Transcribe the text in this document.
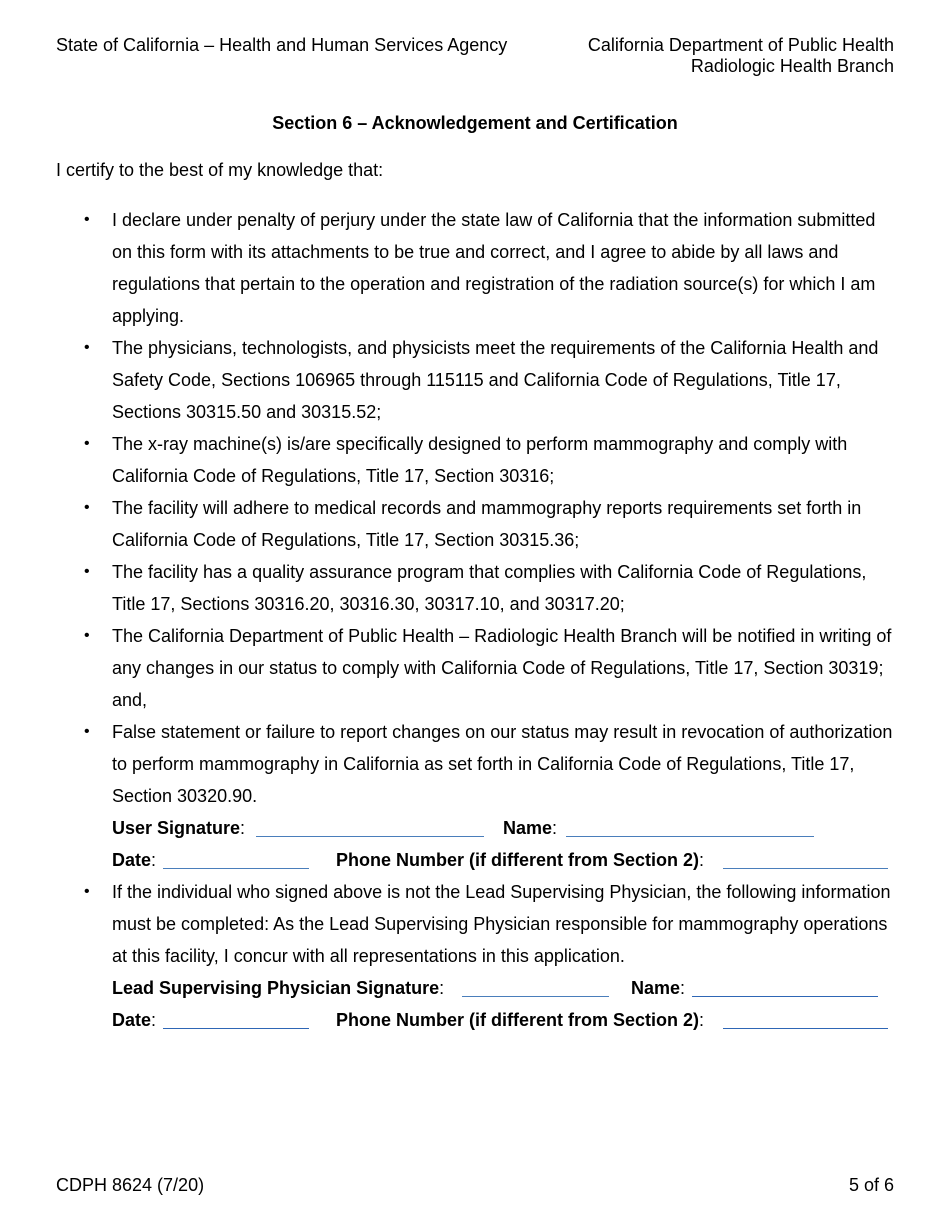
State of California – Health and Human Services Agency	California Department of Public Health
Radiologic Health Branch
Section 6 – Acknowledgement and Certification
I certify to the best of my knowledge that:
• I declare under penalty of perjury under the state law of California that the information submitted on this form with its attachments to be true and correct, and I agree to abide by all laws and regulations that pertain to the operation and registration of the radiation source(s) for which I am applying.
• The physicians, technologists, and physicists meet the requirements of the California Health and Safety Code, Sections 106965 through 115115 and California Code of Regulations, Title 17, Sections 30315.50 and 30315.52;
• The x-ray machine(s) is/are specifically designed to perform mammography and comply with California Code of Regulations, Title 17, Section 30316;
• The facility will adhere to medical records and mammography reports requirements set forth in California Code of Regulations, Title 17, Section 30315.36;
• The facility has a quality assurance program that complies with California Code of Regulations, Title 17, Sections 30316.20, 30316.30, 30317.10, and 30317.20;
• The California Department of Public Health – Radiologic Health Branch will be notified in writing of any changes in our status to comply with California Code of Regulations, Title 17, Section 30319; and,
• False statement or failure to report changes on our status may result in revocation of authorization to perform mammography in California as set forth in California Code of Regulations, Title 17, Section 30320.90.
User Signature:	Name:
Date:	Phone Number (if different from Section 2):
• If the individual who signed above is not the Lead Supervising Physician, the following information must be completed: As the Lead Supervising Physician responsible for mammography operations at this facility, I concur with all representations in this application.
Lead Supervising Physician Signature:	Name:
Date:	Phone Number (if different from Section 2):
CDPH 8624 (7/20)	5 of 6
